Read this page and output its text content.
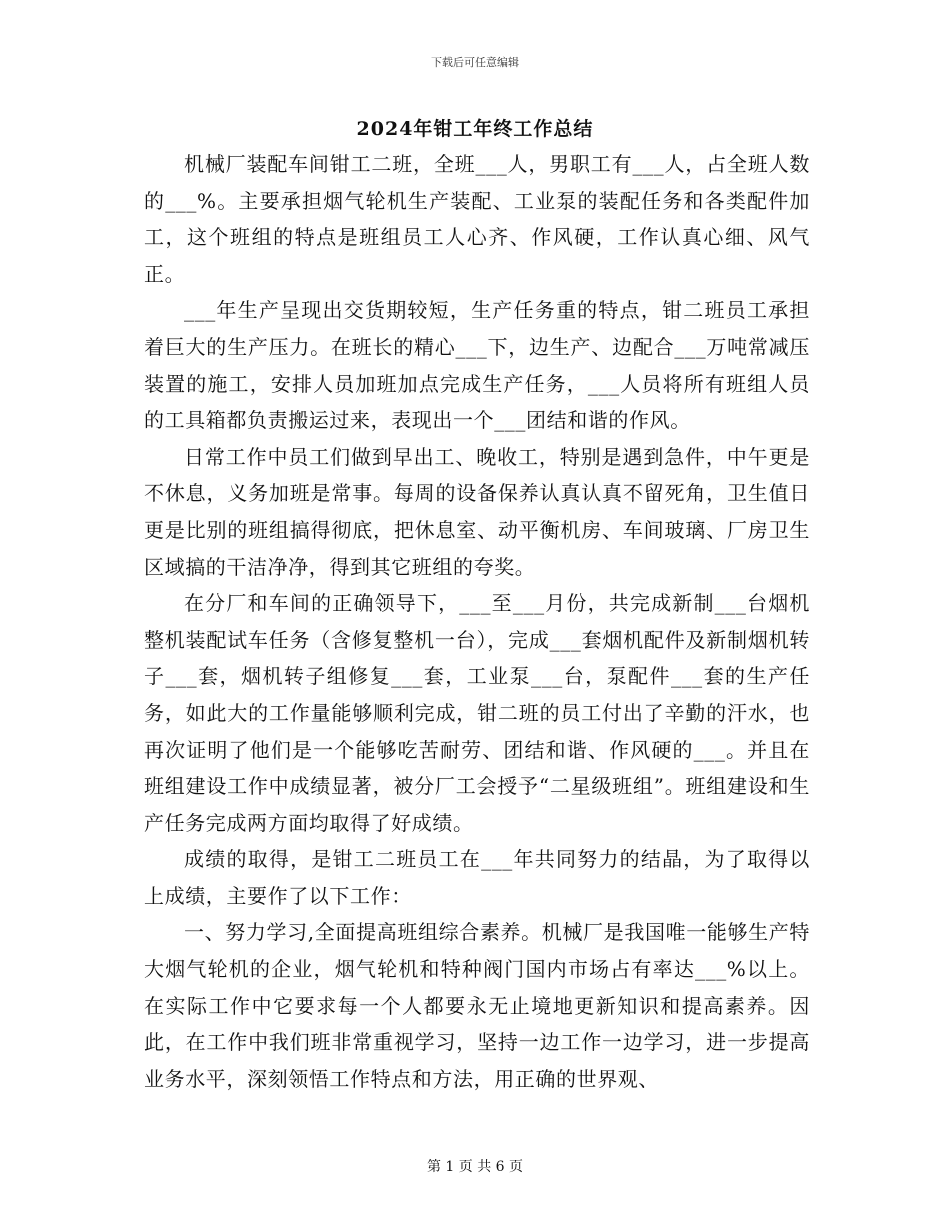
下载后可任意编辑
2024年钳工年终工作总结

机械厂装配车间钳工二班，全班___人，男职工有___人，占全班人数的___%。主要承担烟气轮机生产装配、工业泵的装配任务和各类配件加工，这个班组的特点是班组员工人心齐、作风硬，工作认真心细、风气正。

___年生产呈现出交货期较短，生产任务重的特点，钳二班员工承担着巨大的生产压力。在班长的精心___下，边生产、边配合___万吨常减压装置的施工，安排人员加班加点完成生产任务，___人员将所有班组人员的工具箱都负责搬运过来，表现出一个___团结和谐的作风。

日常工作中员工们做到早出工、晚收工，特别是遇到急件，中午更是不休息，义务加班是常事。每周的设备保养认真认真不留死角，卫生值日更是比别的班组搞得彻底，把休息室、动平衡机房、车间玻璃、厂房卫生区域搞的干洁净净，得到其它班组的夸奖。

在分厂和车间的正确领导下，___至___月份，共完成新制___台烟机整机装配试车任务（含修复整机一台），完成___套烟机配件及新制烟机转子___套，烟机转子组修复___套，工业泵___台，泵配件___套的生产任务，如此大的工作量能够顺利完成，钳二班的员工付出了辛勤的汗水，也再次证明了他们是一个能够吃苦耐劳、团结和谐、作风硬的___。并且在班组建设工作中成绩显著，被分厂工会授予“二星级班组”。班组建设和生产任务完成两方面均取得了好成绩。

成绩的取得，是钳工二班员工在___年共同努力的结晶，为了取得以上成绩，主要作了以下工作：

一、努力学习,全面提高班组综合素养。机械厂是我国唯一能够生产特大烟气轮机的企业，烟气轮机和特种阀门国内市场占有率达___%以上。在实际工作中它要求每一个人都要永无止境地更新知识和提高素养。因此，在工作中我们班非常重视学习，坚持一边工作一边学习，进一步提高业务水平，深刻领悟工作特点和方法，用正确的世界观、

第 1 页 共 6 页
